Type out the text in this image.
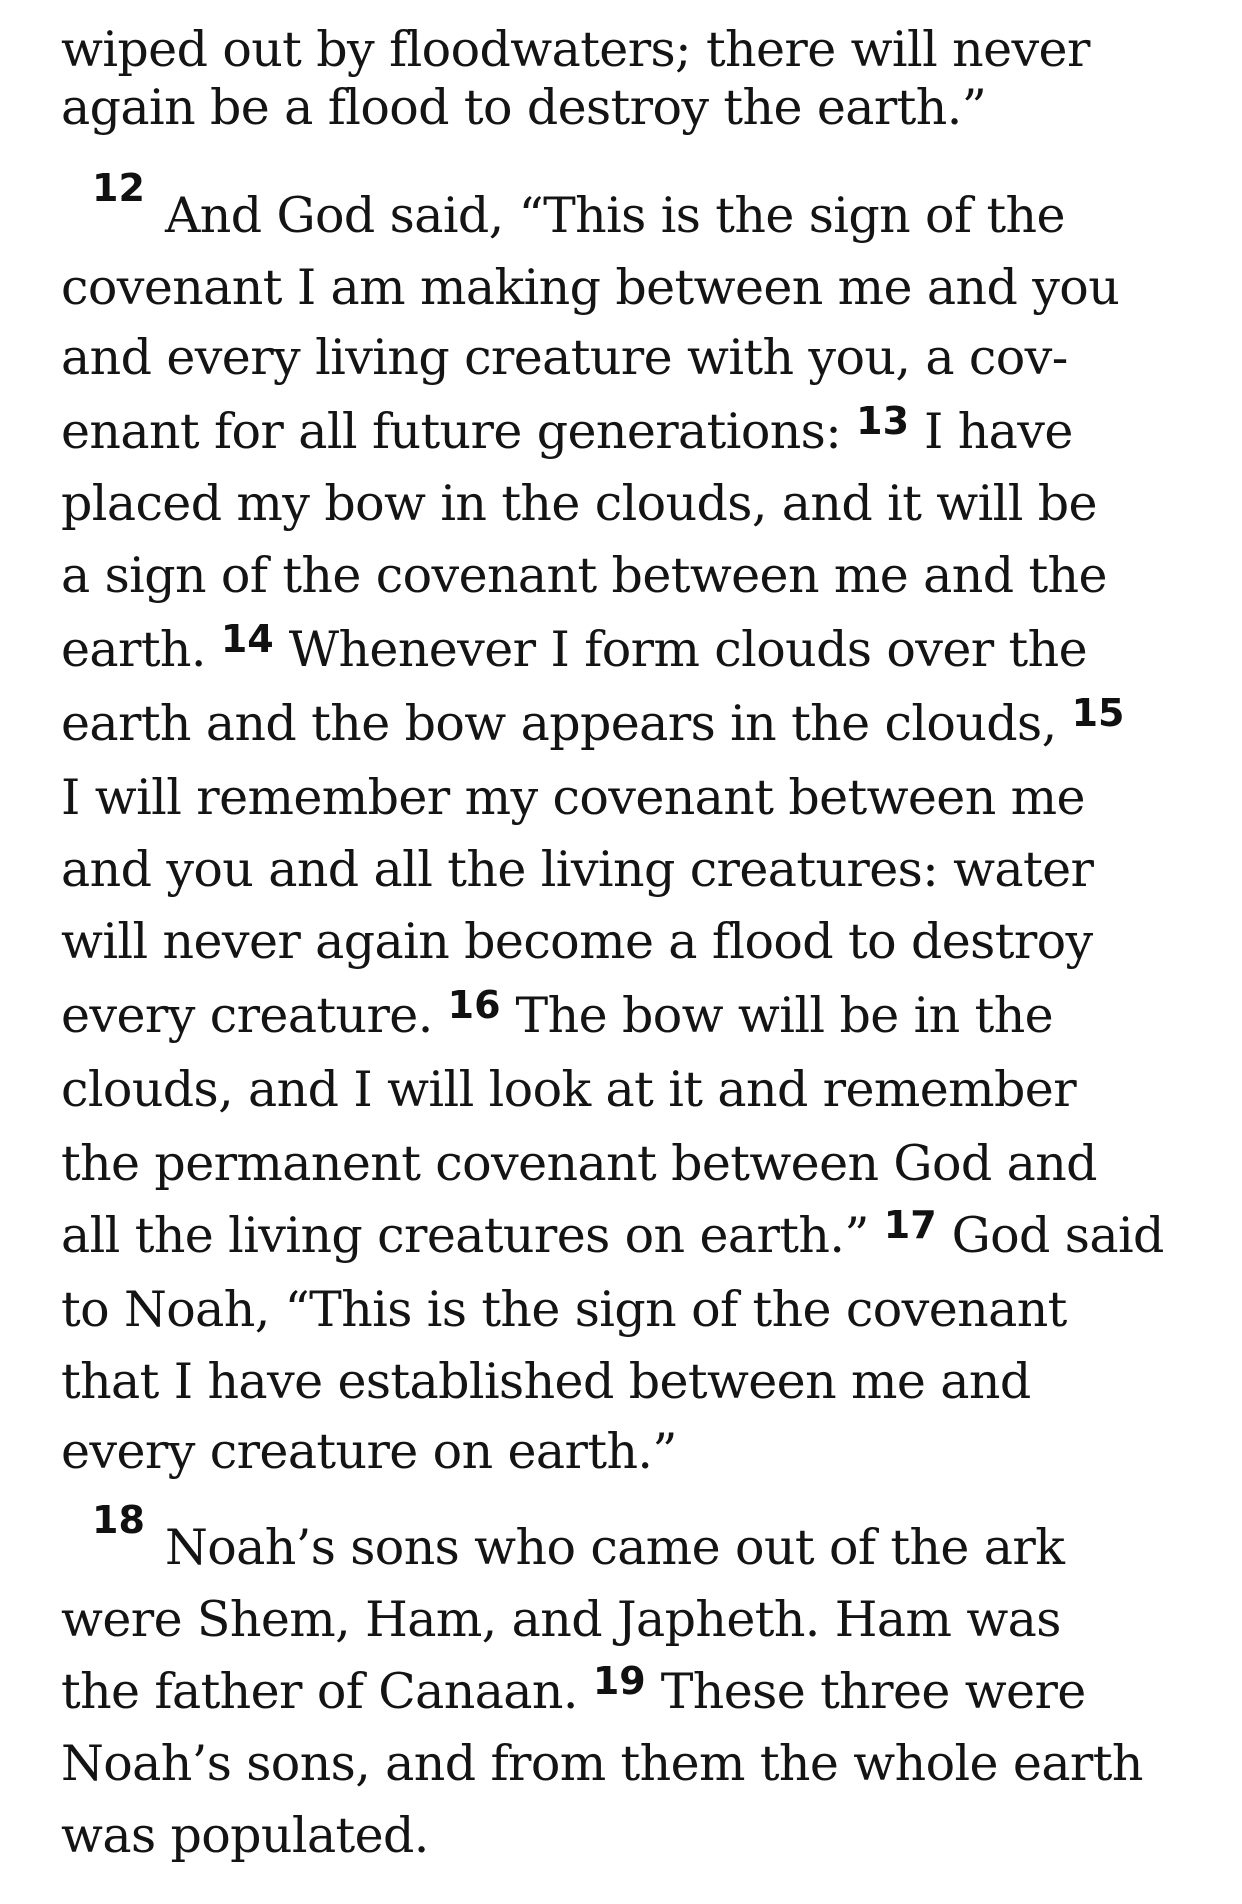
wiped out by floodwaters; there will never
again be a flood to destroy the earth.”
12 And God said, “This is the sign of the
covenant I am making between me and you
and every living creature with you, a cov-
enant for all future generations: $^{13}$ I have
placed my bow in the clouds, and it will be
a sign of the covenant between me and the
earth. $^{14}$ Whenever I form clouds over the
earth and the bow appears in the clouds, $^{15}$
I will remember my covenant between me
and you and all the living creatures: water
will never again become a flood to destroy
every creature. $^{16}$ The bow will be in the
clouds, and I will look at it and remember
the permanent covenant between God and
all the living creatures on earth.” $^{17}$ God said
to Noah, “This is the sign of the covenant
that I have established between me and
every creature on earth.”
18 Noah’s sons who came out of the ark
were Shem, Ham, and Japheth. Ham was
the father of Canaan. $^{19}$ These three were
Noah’s sons, and from them the whole earth
was populated.
